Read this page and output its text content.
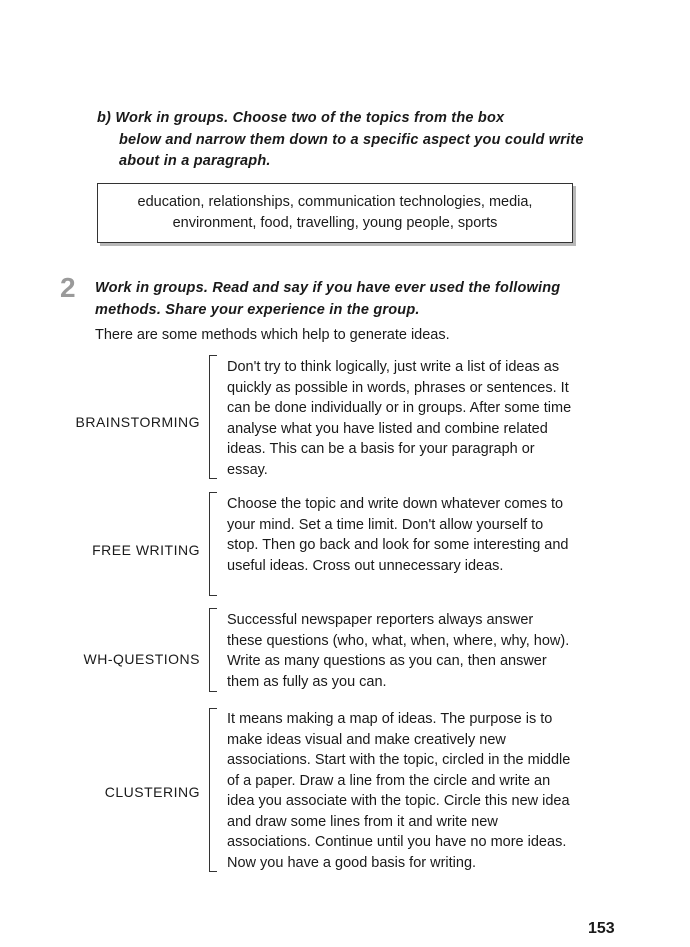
b) Work in groups. Choose two of the topics from the box
below and narrow them down to a specific aspect you could write about in a paragraph.
education, relationships, communication technologies, media, environment, food, travelling, young people, sports
2 Work in groups. Read and say if you have ever used the following methods. Share your experience in the group.
There are some methods which help to generate ideas.
BRAINSTORMING
Don't try to think logically, just write a list of ideas as quickly as possible in words, phrases or sentences. It can be done individually or in groups. After some time analyse what you have listed and combine related ideas. This can be a basis for your paragraph or essay.
FREE WRITING
Choose the topic and write down whatever comes to your mind. Set a time limit. Don't allow yourself to stop. Then go back and look for some interesting and useful ideas. Cross out unnecessary ideas.
WH-QUESTIONS
Successful newspaper reporters always answer these questions (who, what, when, where, why, how). Write as many questions as you can, then answer them as fully as you can.
CLUSTERING
It means making a map of ideas. The purpose is to make ideas visual and make creatively new associations. Start with the topic, circled in the middle of a paper. Draw a line from the circle and write an idea you associate with the topic. Circle this new idea and draw some lines from it and write new associations. Continue until you have no more ideas. Now you have a good basis for writing.
153
